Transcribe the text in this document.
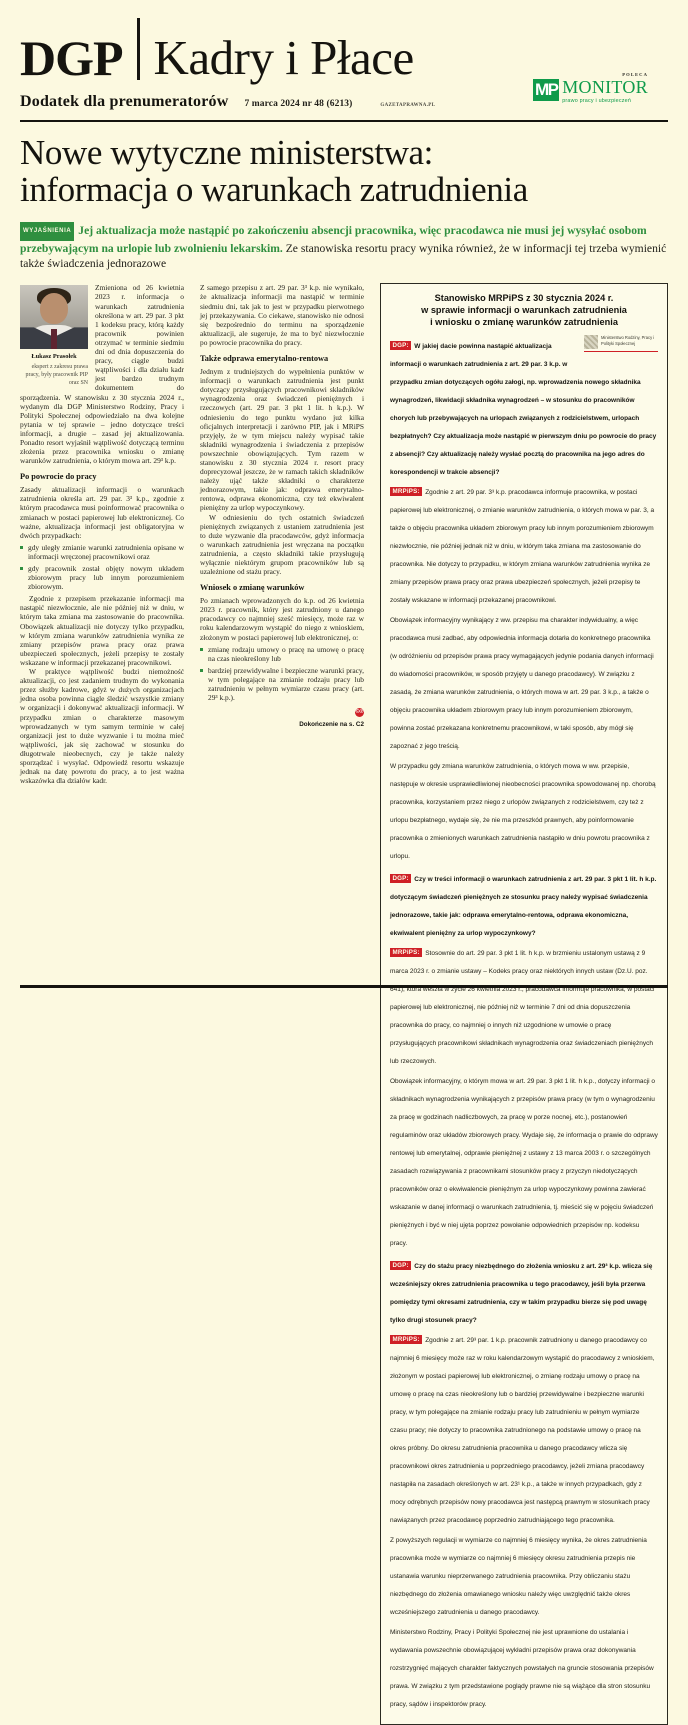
DGP Kadry i Płace
Dodatek dla prenumeratorów 7 marca 2024 nr 48 (6213)	GAZETAPRAWNA.PL
POLECA
MP MONITOR
prawo pracy i ubezpieczeń
Nowe wytyczne ministerstwa:
informacja o warunkach zatrudnienia
WYJAŚNIENIA Jej aktualizacja może nastąpić po zakończeniu absencji pracownika, więc pracodawca nie musi jej wysyłać osobom przebywającym na urlopie lub zwolnieniu lekarskim. Ze stanowiska resortu pracy wynika również, że w informacji tej trzeba wymienić także świadczenia jednorazowe
Łukasz Prasołek
ekspert z zakresu prawa pracy, były pracownik PIP oraz SN

Zmieniona od 26 kwietnia 2023 r. informacja o warunkach zatrudnienia określona w art. 29 par. 3 pkt 1 kodeksu pracy, którą każdy pracownik powinien otrzymać w terminie siedmiu dni od dnia dopuszczenia do pracy, ciągle budzi wątpliwości i dla działu kadr jest bardzo trudnym dokumentem do sporządzenia. W stanowisku z 30 stycznia 2024 r., wydanym dla DGP Ministerstwo Rodziny, Pracy i Polityki Społecznej odpowiedziało na dwa kolejne pytania w tej sprawie – jedno dotyczące treści informacji, a drugie – zasad jej aktualizowania. Ponadto resort wyjaśnił wątpliwość dotyczącą terminu złożenia przez pracownika wniosku o zmianę warunków zatrudnienia, o którym mowa art. 29³ k.p.

Po powrocie do pracy

Zasady aktualizacji informacji o warunkach zatrudnienia określa art. 29 par. 3³ k.p., zgodnie z którym pracodawca musi poinformować pracownika o zmianach w postaci papierowej lub elektronicznej. Co ważne, aktualizacja informacji jest obligatoryjna w dwóch przypadkach:

gdy uległy zmianie warunki zatrudnienia opisane w informacji wręczonej pracownikowi oraz
gdy pracownik został objęty nowym układem zbiorowym pracy lub innym porozumieniem zbiorowym.

Zgodnie z przepisem przekazanie informacji ma nastąpić niezwłocznie, ale nie później niż w dniu, w którym taka zmiana ma zastosowanie do pracownika. Obowiązek aktualizacji nie dotyczy tylko przypadku, w którym zmiana warunków zatrudnienia wynika ze zmiany przepisów prawa pracy oraz prawa ubezpieczeń społecznych, jeżeli przepisy te zostały wskazane w informacji przekazanej pracownikowi.

W praktyce wątpliwość budzi niemożność aktualizacji, co jest zadaniem trudnym do wykonania przez służby kadrowe, gdyż w dużych organizacjach jedna osoba powinna ciągle śledzić wszystkie zmiany w organizacji i dokonywać aktualizacji informacji. W przypadku zmian o charakterze masowym wprowadzanych w tym samym terminie w całej organizacji jest to duże wyzwanie i tu można mieć wątpliwości, jak się zachować w stosunku do długotrwale nieobecnych, czy je także należy sporządzać i wysyłać. Odpowiedź resortu wskazuje jednak na datę powrotu do pracy, a to jest ważna wskazówka dla działów kadr.

Z samego przepisu z art. 29 par. 3³ k.p. nie wynikało, że aktualizacja informacji ma nastąpić w terminie siedmiu dni, tak jak to jest w przypadku pierwotnego jej przekazywania. Co ciekawe, stanowisko nie odnosi się bezpośrednio do terminu na sporządzenie aktualizacji, ale sugeruje, że ma to być niezwłocznie po powrocie pracownika do pracy.

Także odprawa emerytalno-rentowa

Jednym z trudniejszych do wypełnienia punktów w informacji o warunkach zatrudnienia jest punkt dotyczący przysługujących pracownikowi składników wynagrodzenia oraz świadczeń pieniężnych i rzeczowych (art. 29 par. 3 pkt 1 lit. h k.p.). W odniesieniu do tego punktu wydano już kilka oficjalnych interpretacji i zarówno PIP, jak i MRiPS przyjęły, że w tym miejscu należy wypisać takie składniki wynagrodzenia i świadczenia z przepisów powszechnie obowiązujących. Tym razem w stanowisku z 30 stycznia 2024 r. resort pracy doprecyzował jeszcze, że w ramach takich składników należy ująć także składniki o charakterze jednorazowym, takie jak: odprawa emerytalno-rentowa, odprawa ekonomiczna, czy też ekwiwalent pieniężny za urlop wypoczynkowy.

W odniesieniu do tych ostatnich świadczeń pieniężnych związanych z ustaniem zatrudnienia jest to duże wyzwanie dla pracodawców, gdyż informacja o warunkach zatrudnienia jest wręczana na początku zatrudnienia, a często składniki takie przysługują wyłącznie niektórym grupom pracowników lub są uzależnione od stażu pracy.

Wniosek o zmianę warunków

Po zmianach wprowadzonych do k.p. od 26 kwietnia 2023 r. pracownik, który jest zatrudniony u danego pracodawcy co najmniej sześć miesięcy, może raz w roku kalendarzowym wystąpić do niego z wnioskiem, złożonym w postaci papierowej lub elektronicznej, o:

zmianę rodzaju umowy o pracę na umowę o pracę na czas nieokreślony lub
bardziej przewidywalne i bezpieczne warunki pracy, w tym polegające na zmianie rodzaju pracy lub zatrudnieniu w pełnym wymiarze czasu pracy (art. 29³ k.p.).
©℗
Dokończenie na s. C2
Stanowisko MRPiPS z 30 stycznia 2024 r.
w sprawie informacji o warunkach zatrudnienia
i wniosku o zmianę warunków zatrudnienia
Ministerstwo Rodziny, Pracy i Polityki Społecznej
DGP: W jakiej dacie powinna nastąpić aktualizacja informacji o warunkach zatrudnienia z art. 29 par. 3 k.p. w przypadku zmian dotyczących ogółu załogi, np. wprowadzenia nowego składnika wynagrodzeń, likwidacji składnika wynagrodzeń – w stosunku do pracowników chorych lub przebywających na urlopach związanych z rodzicielstwem, urlopach bezpłatnych? Czy aktualizacja może nastąpić w pierwszym dniu po powrocie do pracy z absencji? Czy aktualizację należy wysłać pocztą do pracownika na jego adres do korespondencji w trakcie absencji?
MRPiPS: Zgodnie z art. 29 par. 3³ k.p. pracodawca informuje pracownika, w postaci papierowej lub elektronicznej, o zmianie warunków zatrudnienia, o których mowa w par. 3, a także o objęciu pracownika układem zbiorowym pracy lub innym porozumieniem zbiorowym niezwłocznie, nie później jednak niż w dniu, w którym taka zmiana ma zastosowanie do pracownika. Nie dotyczy to przypadku, w którym zmiana warunków zatrudnienia wynika ze zmiany przepisów prawa pracy oraz prawa ubezpieczeń społecznych, jeżeli przepisy te zostały wskazane w informacji przekazanej pracownikowi.
Obowiązek informacyjny wynikający z ww. przepisu ma charakter indywidualny, a więc pracodawca musi zadbać, aby odpowiednia informacja dotarła do konkretnego pracownika (w odróżnieniu od przepisów prawa pracy wymagających jedynie podania danych informacji do wiadomości pracowników, w sposób przyjęty u danego pracodawcy). W związku z zasadą, że zmiana warunków zatrudnienia, o których mowa w art. 29 par. 3 k.p., a także o objęciu pracownika układem zbiorowym pracy lub innym porozumieniem zbiorowym, powinna zostać przekazana konkretnemu pracownikowi, w taki sposób, aby mógł się zapoznać z jego treścią.
W przypadku gdy zmiana warunków zatrudnienia, o których mowa w ww. przepisie, następuje w okresie usprawiedliwionej nieobecności pracownika spowodowanej np. chorobą pracownika, korzystaniem przez niego z urlopów związanych z rodzicielstwem, czy też z urlopu bezpłatnego, wydaje się, że nie ma przeszkód prawnych, aby poinformowanie pracownika o zmienionych warunkach zatrudnienia nastąpiło w dniu powrotu pracownika z urlopu.
DGP: Czy w treści informacji o warunkach zatrudnienia z art. 29 par. 3 pkt 1 lit. h k.p. dotyczącym świadczeń pieniężnych ze stosunku pracy należy wypisać świadczenia jednorazowe, takie jak: odprawa emerytalno-rentowa, odprawa ekonomiczna, ekwiwalent pieniężny za urlop wypoczynkowy?
MRPiPS: Stosownie do art. 29 par. 3 pkt 1 lit. h k.p. w brzmieniu ustalonym ustawą z 9 marca 2023 r. o zmianie ustawy – Kodeks pracy oraz niektórych innych ustaw (Dz.U. poz. 641), która weszła w życie 26 kwietnia 2023 r., pracodawca informuje pracownika, w postaci papierowej lub elektronicznej, nie później niż w terminie 7 dni od dnia dopuszczenia pracownika do pracy, co najmniej o innych niż uzgodnione w umowie o pracę przysługujących pracownikowi składnikach wynagrodzenia oraz świadczeniach pieniężnych lub rzeczowych.
Obowiązek informacyjny, o którym mowa w art. 29 par. 3 pkt 1 lit. h k.p., dotyczy informacji o składnikach wynagrodzenia wynikających z przepisów prawa pracy (w tym o wynagrodzeniu za pracę w godzinach nadliczbowych, za pracę w porze nocnej, etc.), postanowień regulaminów oraz układów zbiorowych pracy. Wydaje się, że informacja o prawie do odprawy rentowej lub emerytalnej, odprawie pieniężnej z ustawy z 13 marca 2003 r. o szczególnych zasadach rozwiązywania z pracownikami stosunków pracy z przyczyn niedotyczących pracowników oraz o ekwiwalencie pieniężnym za urlop wypoczynkowy powinna zawierać wskazanie w danej informacji o warunkach zatrudnienia, tj. mieścić się w pojęciu świadczeń pieniężnych i być w niej ujęta poprzez powołanie odpowiednich przepisów np. kodeksu pracy.
DGP: Czy do stażu pracy niezbędnego do złożenia wniosku z art. 29³ k.p. wlicza się wcześniejszy okres zatrudnienia pracownika u tego pracodawcy, jeśli była przerwa pomiędzy tymi okresami zatrudnienia, czy w takim przypadku bierze się pod uwagę tylko drugi stosunek pracy?
MRPiPS: Zgodnie z art. 29³ par. 1 k.p. pracownik zatrudniony u danego pracodawcy co najmniej 6 miesięcy może raz w roku kalendarzowym wystąpić do pracodawcy z wnioskiem, złożonym w postaci papierowej lub elektronicznej, o zmianę rodzaju umowy o pracę na umowę o pracę na czas nieokreślony lub o bardziej przewidywalne i bezpieczne warunki pracy, w tym polegające na zmianie rodzaju pracy lub zatrudnieniu w pełnym wymiarze czasu pracy; nie dotyczy to pracownika zatrudnionego na podstawie umowy o pracę na okres próbny. Do okresu zatrudnienia pracownika u danego pracodawcy wlicza się pracownikowi okres zatrudnienia u poprzedniego pracodawcy, jeżeli zmiana pracodawcy nastąpiła na zasadach określonych w art. 23¹ k.p., a także w innych przypadkach, gdy z mocy odrębnych przepisów nowy pracodawca jest następcą prawnym w stosunkach pracy nawiązanych przez pracodawcę poprzednio zatrudniającego tego pracownika.
Z powyższych regulacji w wymiarze co najmniej 6 miesięcy wynika, że okres zatrudnienia pracownika może w wymiarze co najmniej 6 miesięcy okresu zatrudnienia przepis nie ustanawia warunku nieprzerwanego zatrudnienia pracownika. Przy obliczaniu stażu niezbędnego do złożenia omawianego wniosku należy więc uwzględnić także okres wcześniejszego zatrudnienia u danego pracodawcy.
Ministerstwo Rodziny, Pracy i Polityki Społecznej nie jest uprawnione do ustalania i wydawania powszechnie obowiązującej wykładni przepisów prawa oraz dokonywania rozstrzygnięć mających charakter faktycznych powstałych na gruncie stosowania przepisów prawa. W związku z tym przedstawione poglądy prawne nie są wiążące dla stron stosunku pracy, sądów i inspektorów pracy.
